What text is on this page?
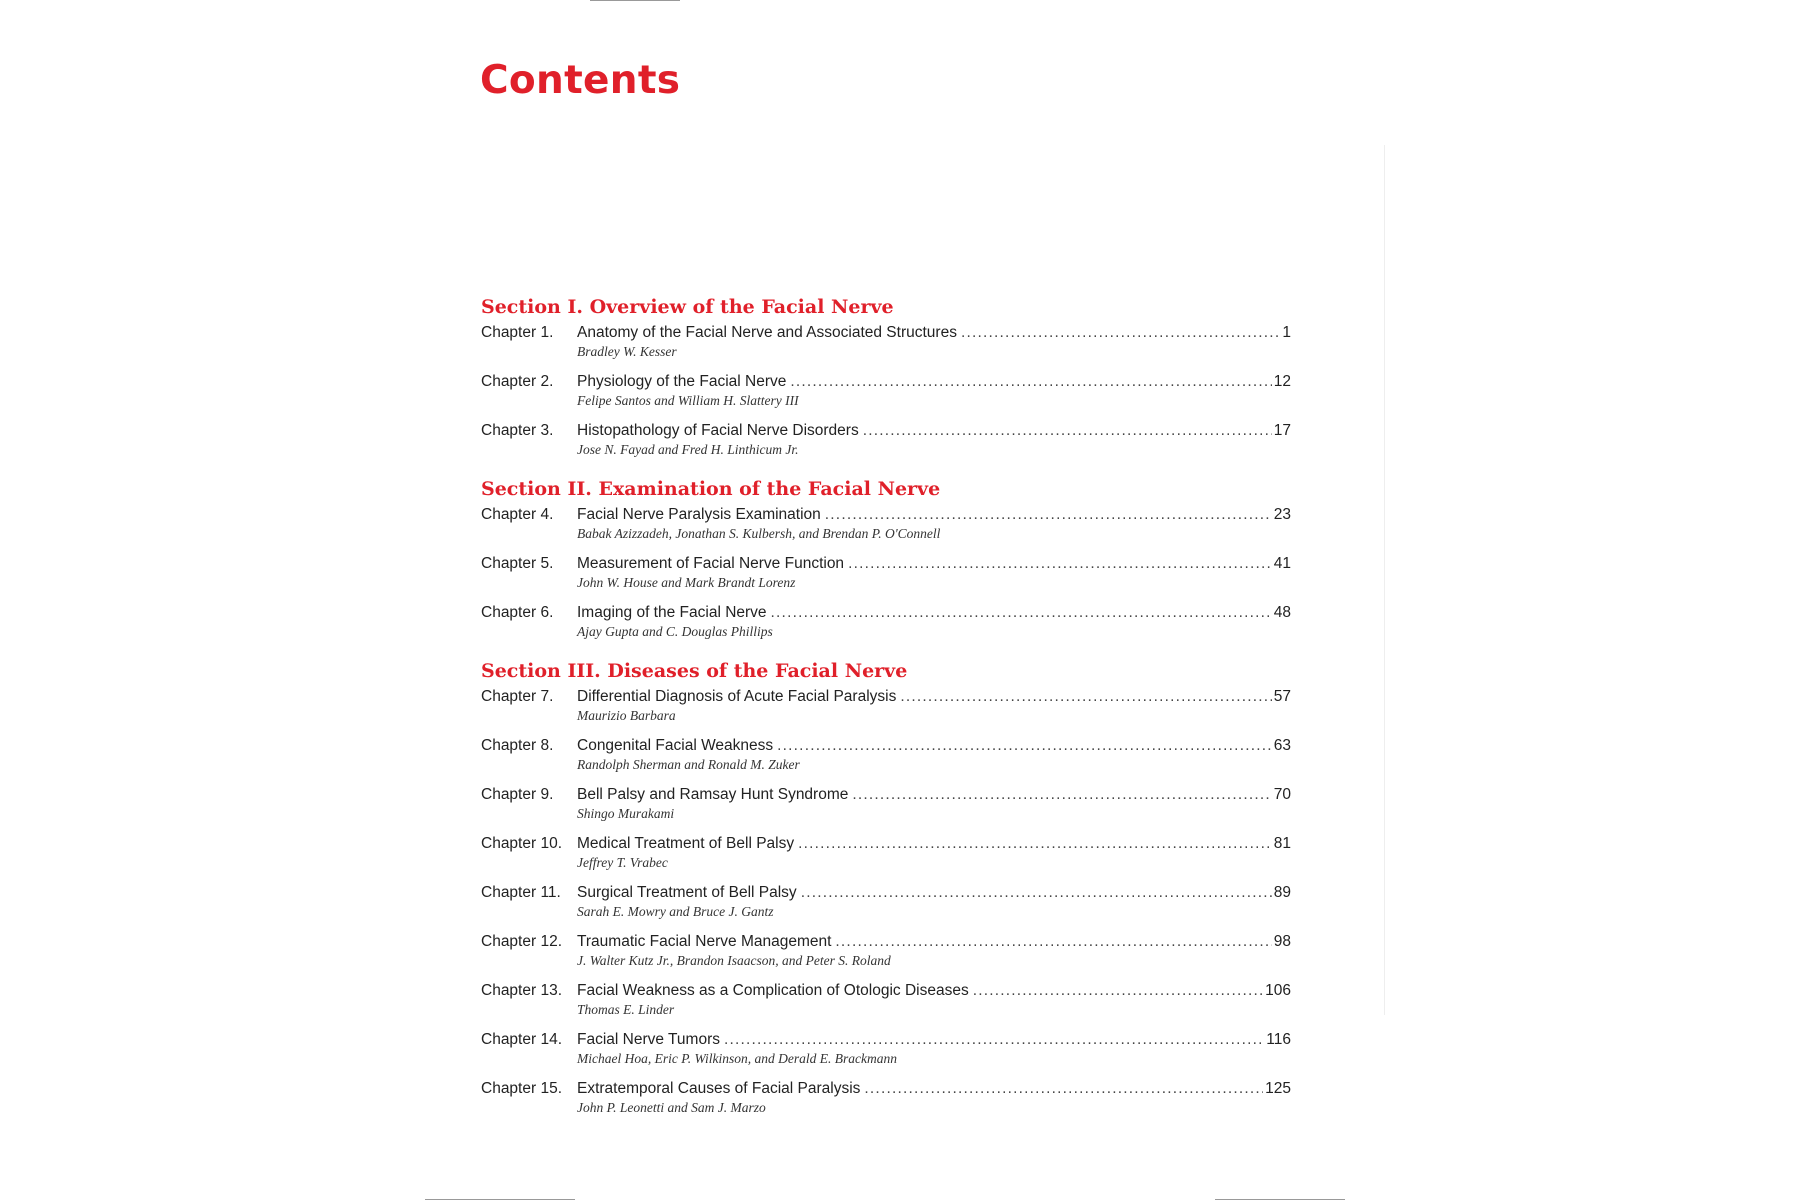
Contents
Section I. Overview of the Facial Nerve
Chapter 1.	Anatomy of the Facial Nerve and Associated Structures .....	1
Bradley W. Kesser
Chapter 2.	Physiology of the Facial Nerve .....	12
Felipe Santos and William H. Slattery III
Chapter 3.	Histopathology of Facial Nerve Disorders .....	17
Jose N. Fayad and Fred H. Linthicum Jr.
Section II. Examination of the Facial Nerve
Chapter 4.	Facial Nerve Paralysis Examination .....	23
Babak Azizzadeh, Jonathan S. Kulbersh, and Brendan P. O'Connell
Chapter 5.	Measurement of Facial Nerve Function .....	41
John W. House and Mark Brandt Lorenz
Chapter 6.	Imaging of the Facial Nerve .....	48
Ajay Gupta and C. Douglas Phillips
Section III. Diseases of the Facial Nerve
Chapter 7.	Differential Diagnosis of Acute Facial Paralysis .....	57
Maurizio Barbara
Chapter 8.	Congenital Facial Weakness .....	63
Randolph Sherman and Ronald M. Zuker
Chapter 9.	Bell Palsy and Ramsay Hunt Syndrome .....	70
Shingo Murakami
Chapter 10. Medical Treatment of Bell Palsy .....	81
Jeffrey T. Vrabec
Chapter 11.	Surgical Treatment of Bell Palsy .....	89
Sarah E. Mowry and Bruce J. Gantz
Chapter 12. Traumatic Facial Nerve Management .....	98
J. Walter Kutz Jr., Brandon Isaacson, and Peter S. Roland
Chapter 13. Facial Weakness as a Complication of Otologic Diseases .....	106
Thomas E. Linder
Chapter 14. Facial Nerve Tumors .....	116
Michael Hoa, Eric P. Wilkinson, and Derald E. Brackmann
Chapter 15. Extratemporal Causes of Facial Paralysis .....	125
John P. Leonetti and Sam J. Marzo
